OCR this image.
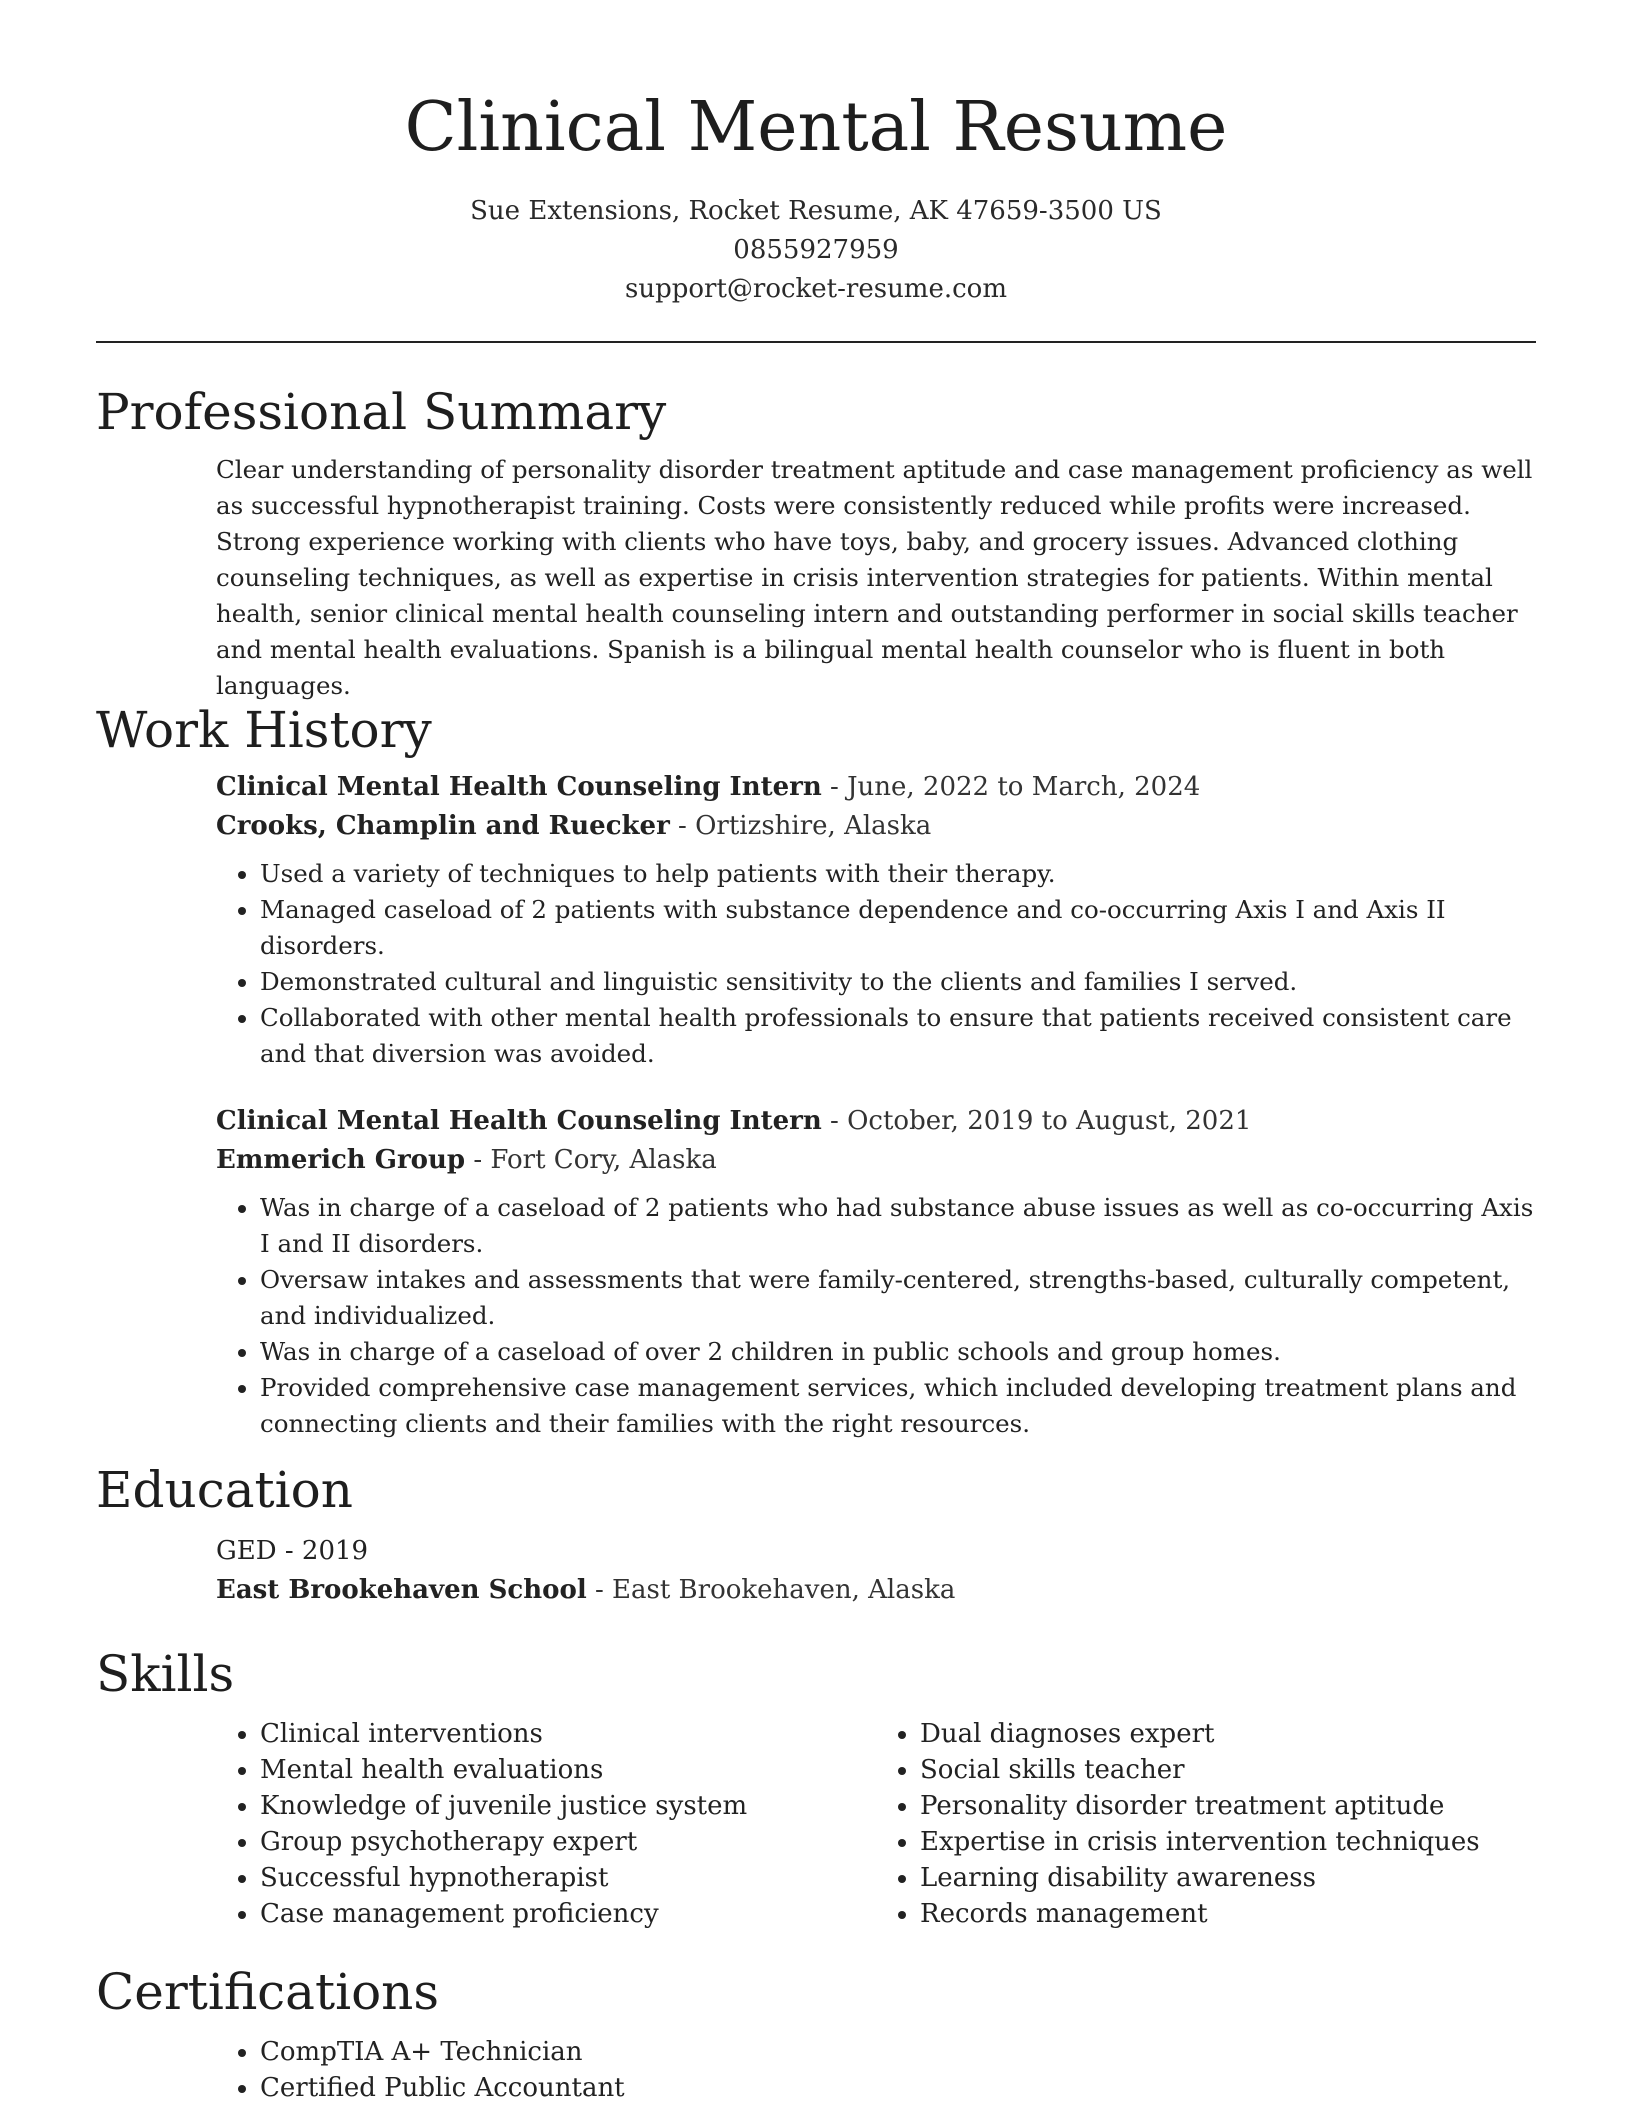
Clinical Mental Resume
Sue Extensions, Rocket Resume, AK 47659-3500 US
0855927959
support@rocket-resume.com
Professional Summary

Clear understanding of personality disorder treatment aptitude and case management proficiency as well as successful hypnotherapist training. Costs were consistently reduced while profits were increased. Strong experience working with clients who have toys, baby, and grocery issues. Advanced clothing counseling techniques, as well as expertise in crisis intervention strategies for patients. Within mental health, senior clinical mental health counseling intern and outstanding performer in social skills teacher and mental health evaluations. Spanish is a bilingual mental health counselor who is fluent in both languages.

Work History
Clinical Mental Health Counseling Intern - June, 2022 to March, 2024
Crooks, Champlin and Ruecker - Ortizshire, Alaska
• Used a variety of techniques to help patients with their therapy.
• Managed caseload of 2 patients with substance dependence and co-occurring Axis I and Axis II disorders.
• Demonstrated cultural and linguistic sensitivity to the clients and families I served.
• Collaborated with other mental health professionals to ensure that patients received consistent care and that diversion was avoided.
Clinical Mental Health Counseling Intern - October, 2019 to August, 2021
Emmerich Group - Fort Cory, Alaska
• Was in charge of a caseload of 2 patients who had substance abuse issues as well as co-occurring Axis I and II disorders.
• Oversaw intakes and assessments that were family-centered, strengths-based, culturally competent, and individualized.
• Was in charge of a caseload of over 2 children in public schools and group homes.
• Provided comprehensive case management services, which included developing treatment plans and connecting clients and their families with the right resources.
Education
GED - 2019
East Brookehaven School - East Brookehaven, Alaska
Skills
• Clinical interventions
• Mental health evaluations
• Knowledge of juvenile justice system
• Group psychotherapy expert
• Successful hypnotherapist
• Case management proficiency
• Dual diagnoses expert
• Social skills teacher
• Personality disorder treatment aptitude
• Expertise in crisis intervention techniques
• Learning disability awareness
• Records management
Certifications
• CompTIA A+ Technician
• Certified Public Accountant
